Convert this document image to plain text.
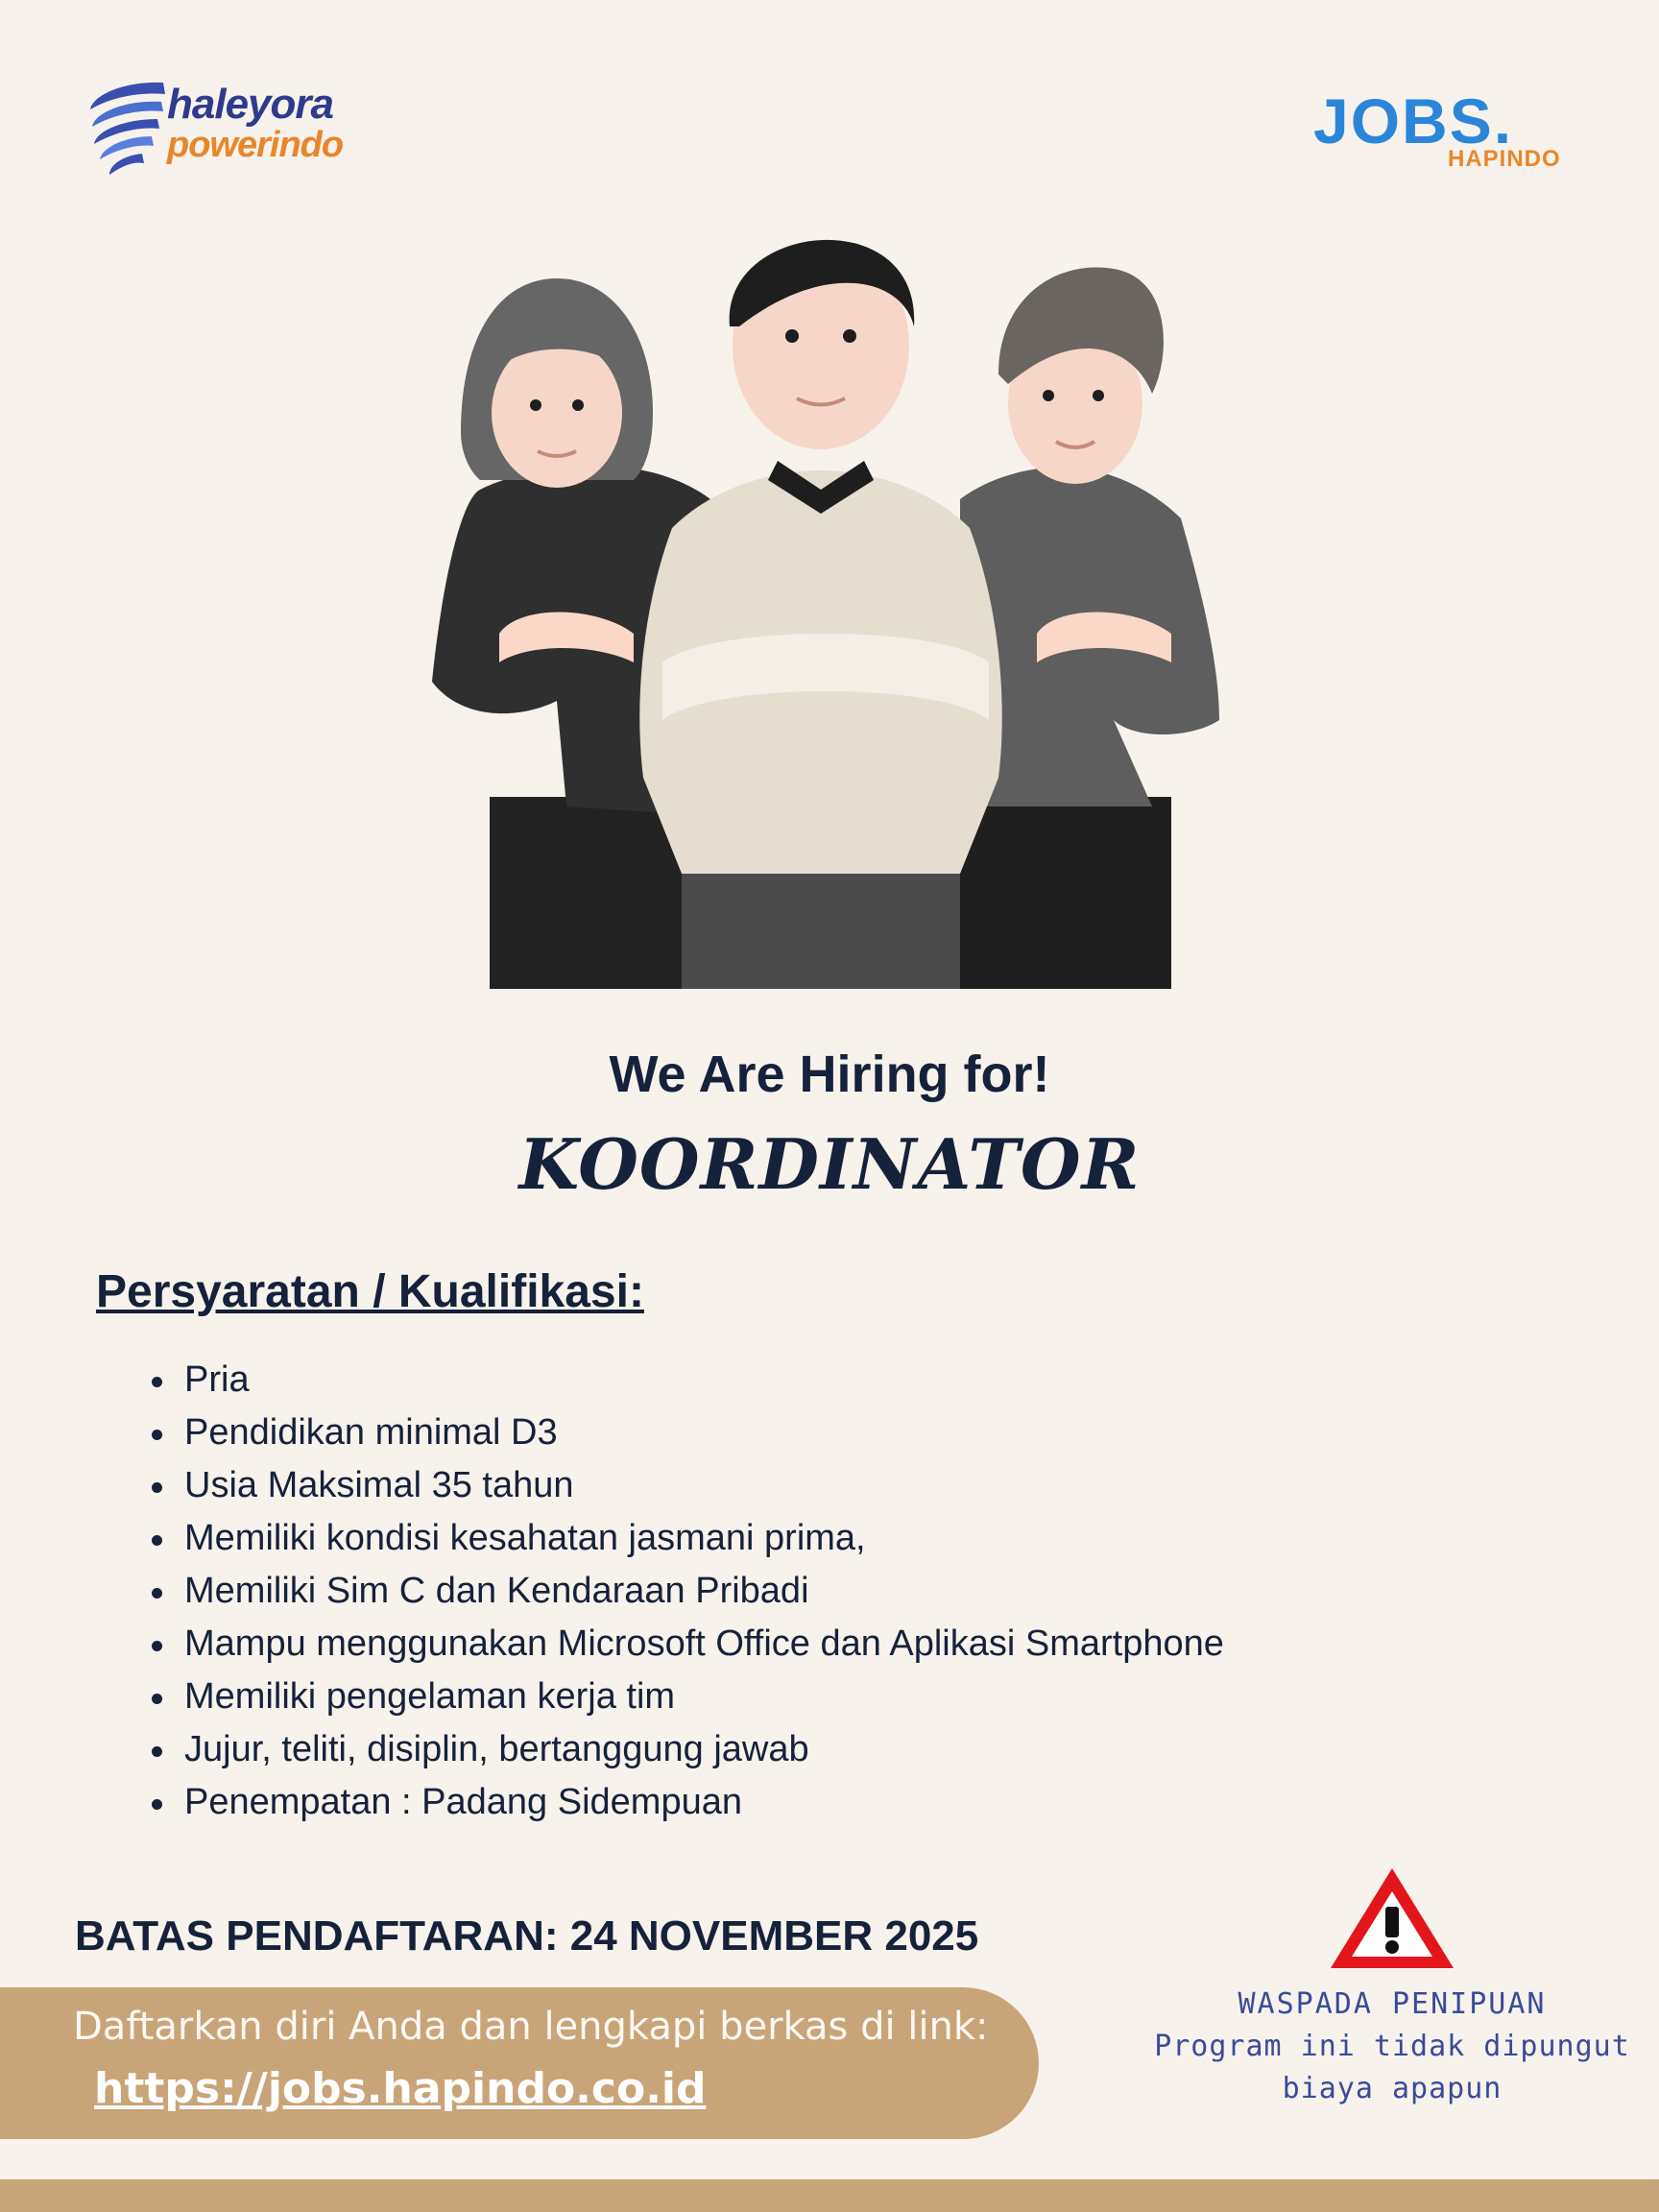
haleyora
powerindo	JOBS.
HAPINDO
We Are Hiring for!
KOORDINATOR
Persyaratan / Kualifikasi:
Pria
Pendidikan minimal D3
Usia Maksimal 35 tahun
Memiliki kondisi kesahatan jasmani prima,
Memiliki Sim C dan Kendaraan Pribadi
Mampu menggunakan Microsoft Office dan Aplikasi Smartphone
Memiliki pengelaman kerja tim
Jujur, teliti, disiplin, bertanggung jawab
Penempatan : Padang Sidempuan
BATAS PENDAFTARAN: 24 NOVEMBER 2025
Daftarkan diri Anda dan lengkapi berkas di link:
https://jobs.hapindo.co.id
WASPADA PENIPUAN
Program ini tidak dipungut
biaya apapun
